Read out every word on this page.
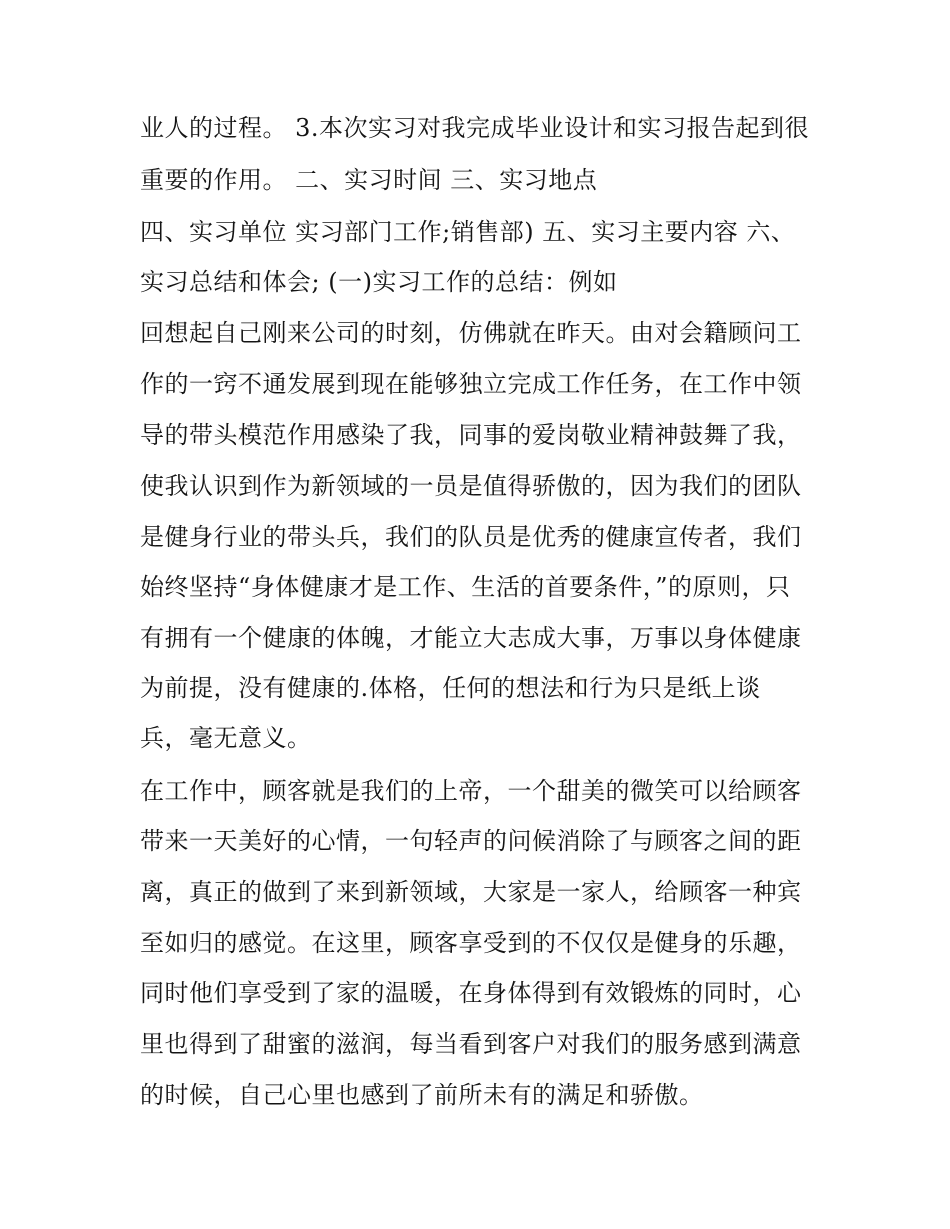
业人的过程。 3.本次实习对我完成毕业设计和实习报告起到很
重要的作用。 二、实习时间 三、实习地点
四、实习单位 实习部门工作;销售部) 五、实习主要内容 六、
实习总结和体会; (一)实习工作的总结：例如
回想起自己刚来公司的时刻，仿佛就在昨天。由对会籍顾问工
作的一窍不通发展到现在能够独立完成工作任务，在工作中领
导的带头模范作用感染了我，同事的爱岗敬业精神鼓舞了我，
使我认识到作为新领域的一员是值得骄傲的，因为我们的团队
是健身行业的带头兵，我们的队员是优秀的健康宣传者，我们
始终坚持“身体健康才是工作、生活的首要条件，”的原则，只
有拥有一个健康的体魄，才能立大志成大事，万事以身体健康
为前提，没有健康的.体格，任何的想法和行为只是纸上谈
兵，毫无意义。
在工作中，顾客就是我们的上帝，一个甜美的微笑可以给顾客
带来一天美好的心情，一句轻声的问候消除了与顾客之间的距
离，真正的做到了来到新领域，大家是一家人，给顾客一种宾
至如归的感觉。在这里，顾客享受到的不仅仅是健身的乐趣，
同时他们享受到了家的温暖，在身体得到有效锻炼的同时，心
里也得到了甜蜜的滋润，每当看到客户对我们的服务感到满意
的时候，自己心里也感到了前所未有的满足和骄傲。
